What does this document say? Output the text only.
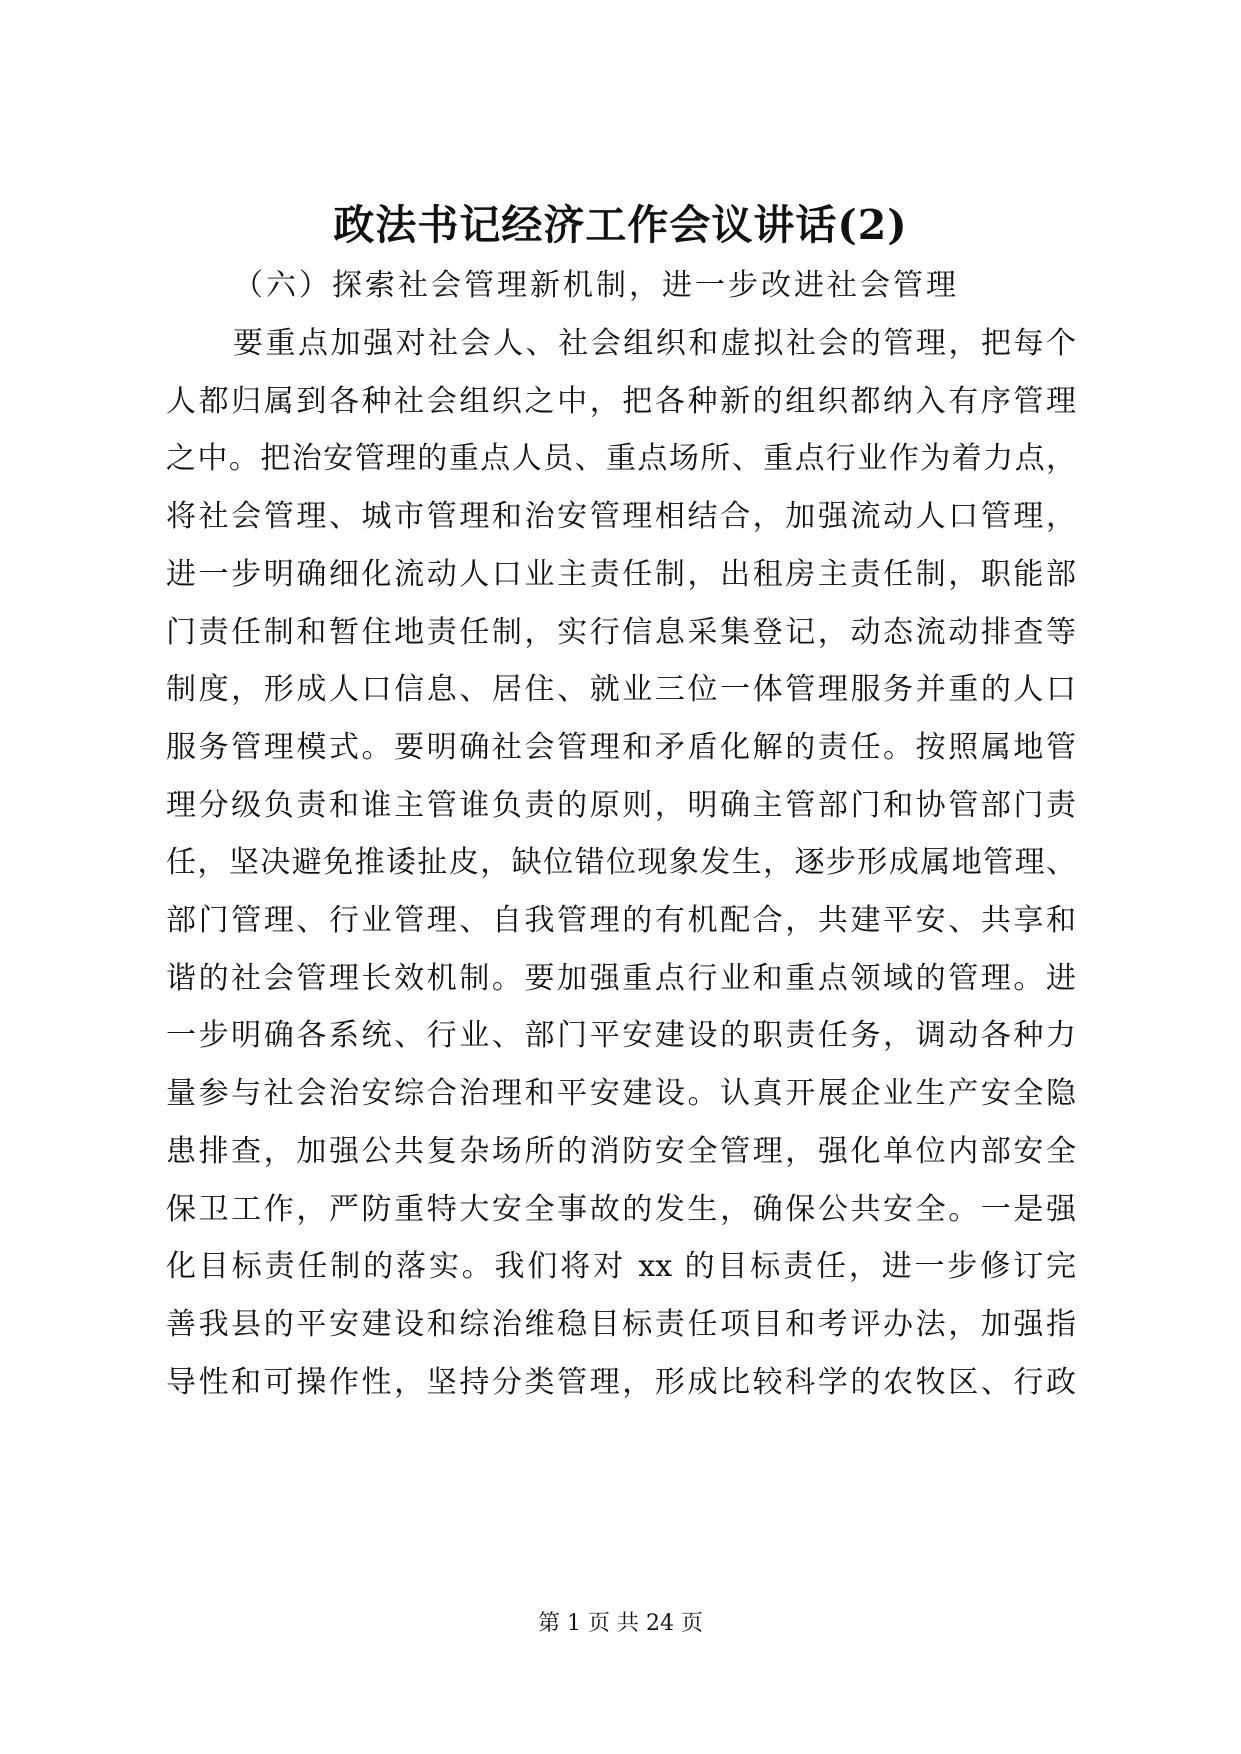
政法书记经济工作会议讲话(2)
（六）探索社会管理新机制，进一步改进社会管理
要重点加强对社会人、社会组织和虚拟社会的管理，把每个
人都归属到各种社会组织之中，把各种新的组织都纳入有序管理
之中。把治安管理的重点人员、重点场所、重点行业作为着力点，
将社会管理、城市管理和治安管理相结合，加强流动人口管理，
进一步明确细化流动人口业主责任制，出租房主责任制，职能部
门责任制和暂住地责任制，实行信息采集登记，动态流动排查等
制度，形成人口信息、居住、就业三位一体管理服务并重的人口
服务管理模式。要明确社会管理和矛盾化解的责任。按照属地管
理分级负责和谁主管谁负责的原则，明确主管部门和协管部门责
任，坚决避免推诿扯皮，缺位错位现象发生，逐步形成属地管理、
部门管理、行业管理、自我管理的有机配合，共建平安、共享和
谐的社会管理长效机制。要加强重点行业和重点领域的管理。进
一步明确各系统、行业、部门平安建设的职责任务，调动各种力
量参与社会治安综合治理和平安建设。认真开展企业生产安全隐
患排查，加强公共复杂场所的消防安全管理，强化单位内部安全
保卫工作，严防重特大安全事故的发生，确保公共安全。一是强
化目标责任制的落实。我们将对 xx 的目标责任，进一步修订完
善我县的平安建设和综治维稳目标责任项目和考评办法，加强指
导性和可操作性，坚持分类管理，形成比较科学的农牧区、行政
第 1 页 共 24 页
